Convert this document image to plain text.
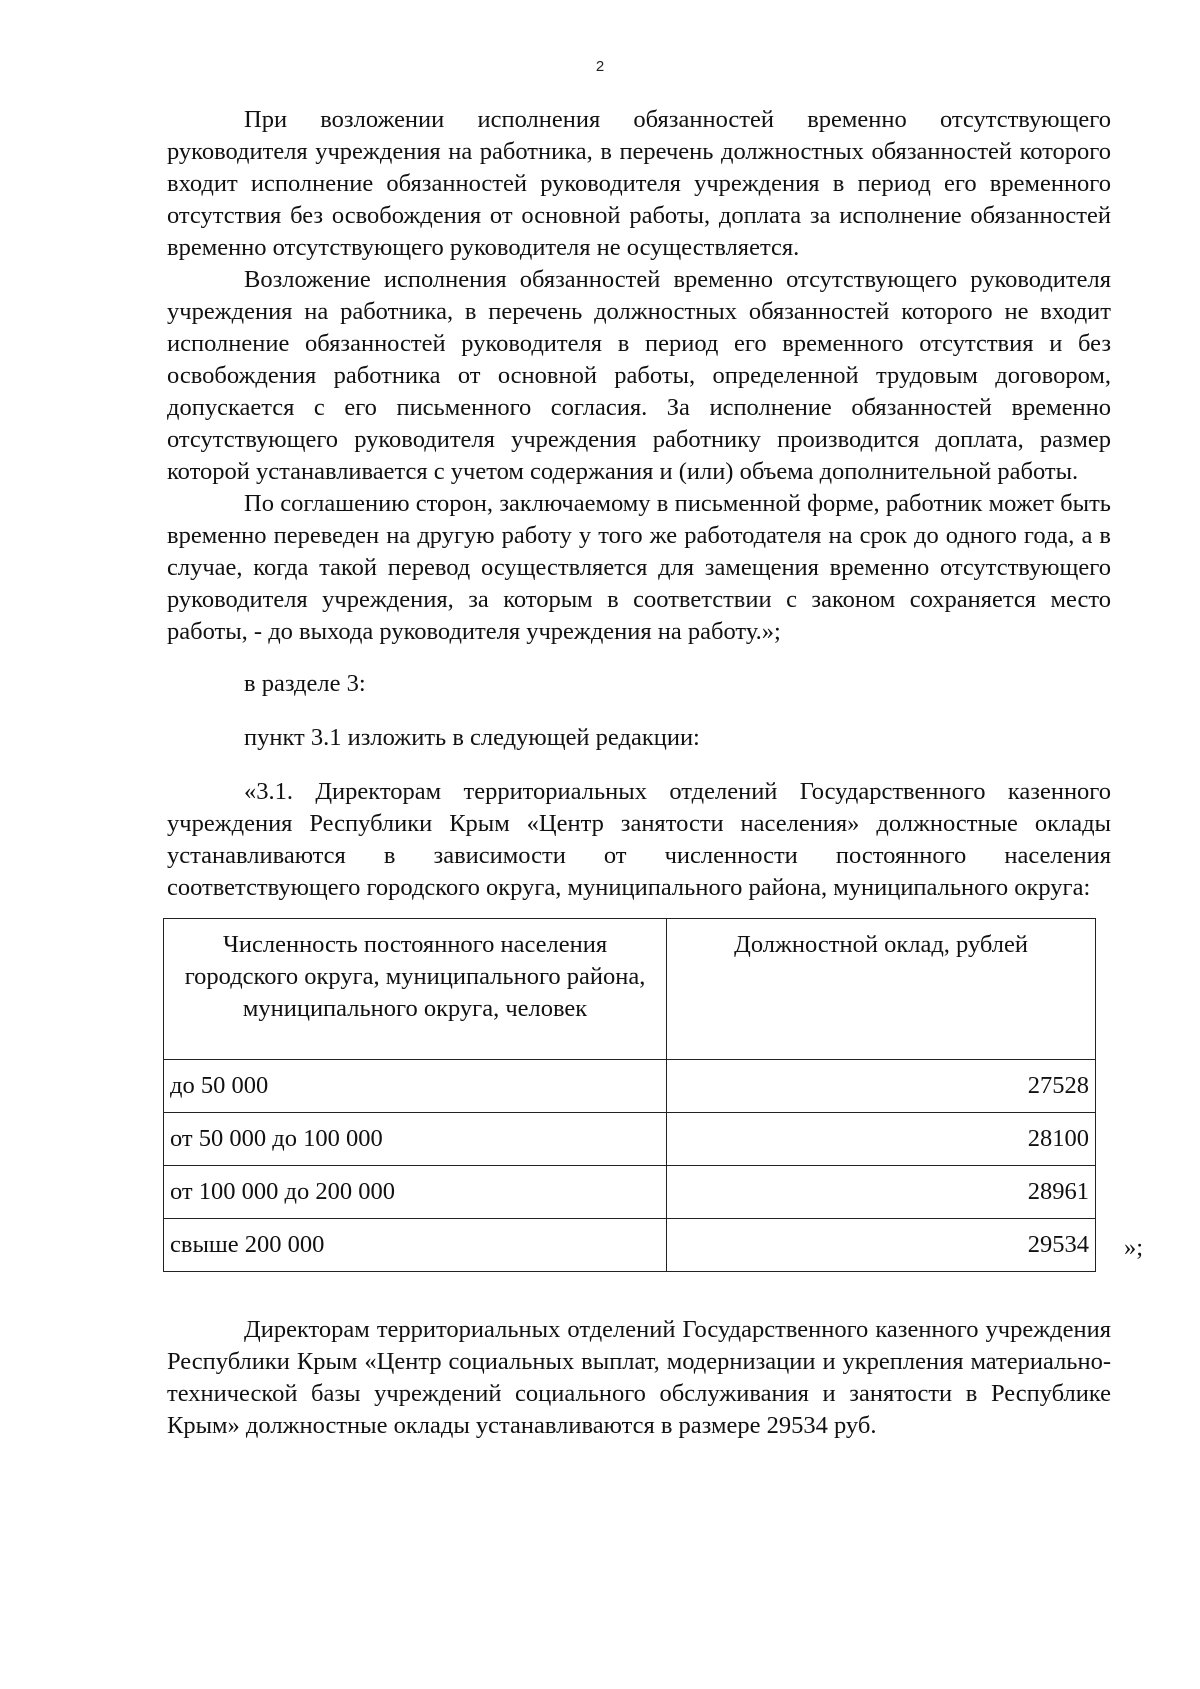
2

При возложении исполнения обязанностей временно отсутствующего руководителя учреждения на работника, в перечень должностных обязанностей которого входит исполнение обязанностей руководителя учреждения в период его временного отсутствия без освобождения от основной работы, доплата за исполнение обязанностей временно отсутствующего руководителя не осуществляется.

Возложение исполнения обязанностей временно отсутствующего руководителя учреждения на работника, в перечень должностных обязанностей которого не входит исполнение обязанностей руководителя в период его временного отсутствия и без освобождения работника от основной работы, определенной трудовым договором, допускается с его письменного согласия. За исполнение обязанностей временно отсутствующего руководителя учреждения работнику производится доплата, размер которой устанавливается с учетом содержания и (или) объема дополнительной работы.

По соглашению сторон, заключаемому в письменной форме, работник может быть временно переведен на другую работу у того же работодателя на срок до одного года, а в случае, когда такой перевод осуществляется для замещения временно отсутствующего руководителя учреждения, за которым в соответствии с законом сохраняется место работы, - до выхода руководителя учреждения на работу.»;

в разделе 3:

пункт 3.1 изложить в следующей редакции:

«3.1. Директорам территориальных отделений Государственного казенного учреждения Республики Крым «Центр занятости населения» должностные оклады устанавливаются в зависимости от численности постоянного населения соответствующего городского округа, муниципального района, муниципального округа:

Численность постоянного населения городского округа, муниципального района, муниципального округа, человек	Должностной оклад, рублей
до 50 000	27528
от 50 000 до 100 000	28100
от 100 000 до 200 000	28961
свыше 200 000	29534 »;

Директорам территориальных отделений Государственного казенного учреждения Республики Крым «Центр социальных выплат, модернизации и укрепления материально-технической базы учреждений социального обслуживания и занятости в Республике Крым» должностные оклады устанавливаются в размере 29534 руб.
